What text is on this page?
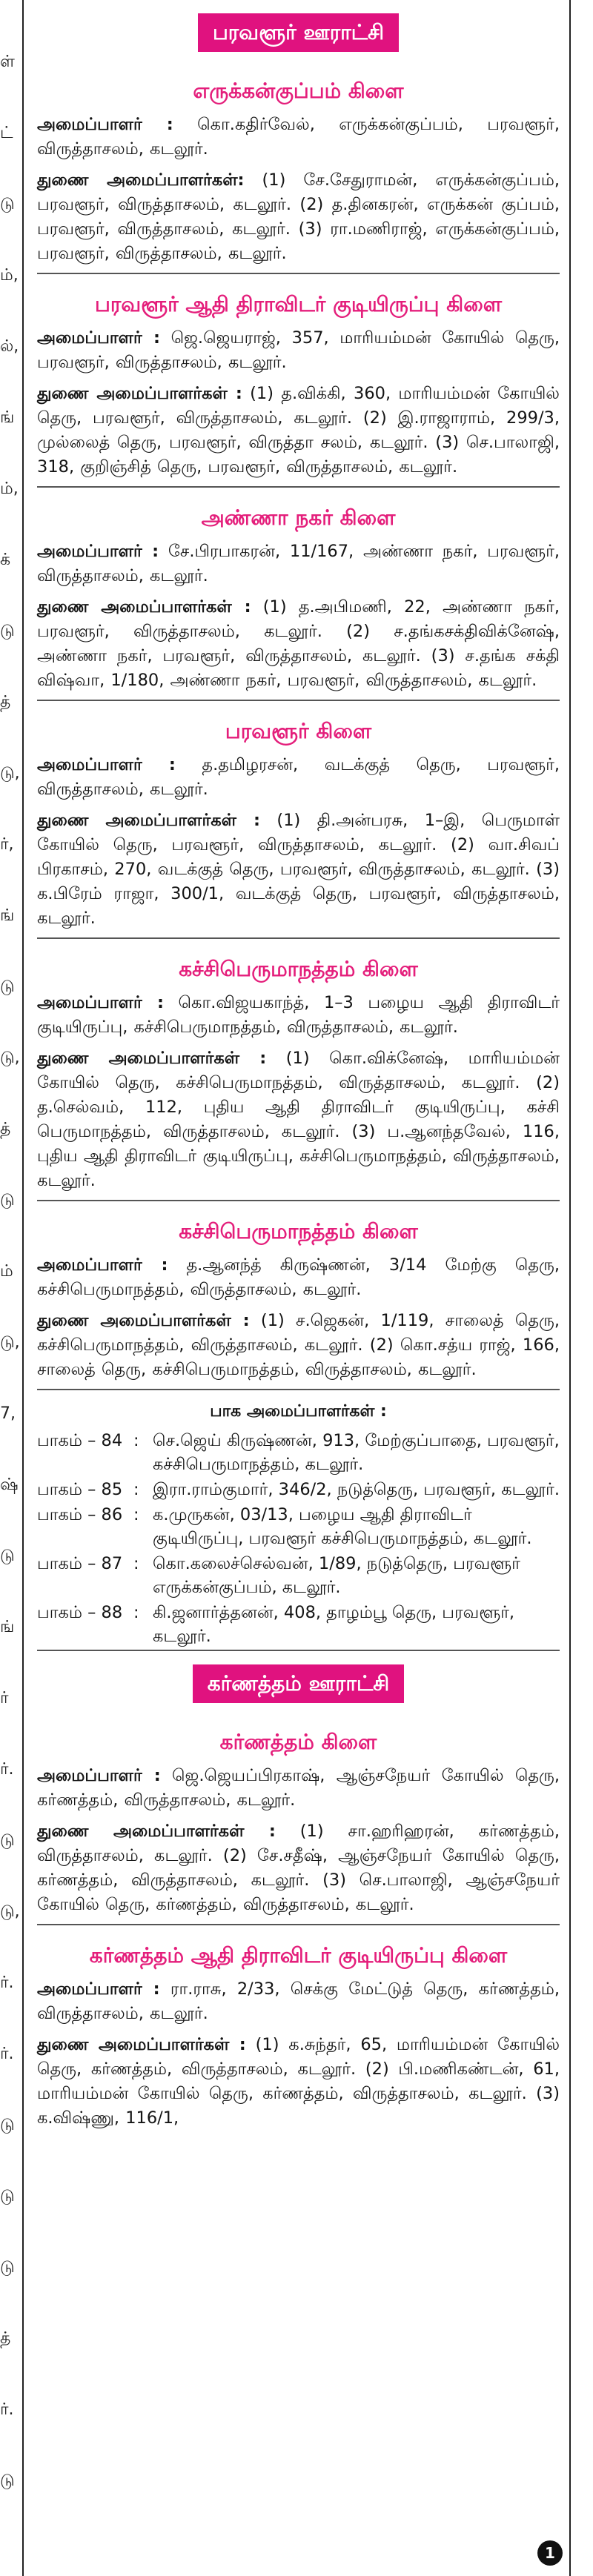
ள்
ட்
டு
ம்,
ல்,
ங்
ம்,
க்
டு
த்
டு,
ர்,
ங்
டு
டு,
த்
டு
ம்
டு,
7,
ஷ்
டு
ங்
ர்
ர்.
டு
டு,
ர்.
ர்.
டு
டு
டு
த்
ர்.
டு
பரவளூர் ஊராட்சி
எருக்கன்குப்பம் கிளை

அமைப்பாளர் : கொ.கதிர்வேல், எருக்கன்குப்பம், பரவளூர், விருத்தாசலம், கடலூர்.

துணை அமைப்பாளர்கள்: (1) சே.சேதுராமன், எருக்கன்குப்பம், பரவளூர், விருத்தாசலம், கடலூர். (2) த.தினகரன், எருக்கன் குப்பம், பரவளூர், விருத்தாசலம், கடலூர். (3) ரா.மணிராஜ், எருக்கன்குப்பம், பரவளூர், விருத்தாசலம், கடலூர்.

பரவளூர் ஆதி திராவிடர் குடியிருப்பு கிளை

அமைப்பாளர் : ஜெ.ஜெயராஜ், 357, மாரியம்மன் கோயில் தெரு, பரவளூர், விருத்தாசலம், கடலூர்.

துணை அமைப்பாளர்கள் : (1) த.விக்கி, 360, மாரியம்மன் கோயில் தெரு, பரவளூர், விருத்தாசலம், கடலூர். (2) இ.ராஜாராம், 299/3, முல்லைத் தெரு, பரவளூர், விருத்தா சலம், கடலூர். (3) செ.பாலாஜி, 318, குறிஞ்சித் தெரு, பரவளூர், விருத்தாசலம், கடலூர்.

அண்ணா நகர் கிளை

அமைப்பாளர் : சே.பிரபாகரன், 11/167, அண்ணா நகர், பரவளூர், விருத்தாசலம், கடலூர்.

துணை அமைப்பாளர்கள் : (1) த.அபிமணி, 22, அண்ணா நகர், பரவளூர், விருத்தாசலம், கடலூர். (2) ச.தங்கசக்திவிக்னேஷ், அண்ணா நகர், பரவளூர், விருத்தாசலம், கடலூர். (3) ச.தங்க சக்தி விஷ்வா, 1/180, அண்ணா நகர், பரவளூர், விருத்தாசலம், கடலூர்.

பரவளூர் கிளை

அமைப்பாளர் : த.தமிழரசன், வடக்குத் தெரு, பரவளூர், விருத்தாசலம், கடலூர்.

துணை அமைப்பாளர்கள் : (1) தி.அன்பரசு, 1–இ, பெருமாள் கோயில் தெரு, பரவளூர், விருத்தாசலம், கடலூர். (2) வா.சிவப் பிரகாசம், 270, வடக்குத் தெரு, பரவளூர், விருத்தாசலம், கடலூர். (3) க.பிரேம் ராஜா, 300/1, வடக்குத் தெரு, பரவளூர், விருத்தாசலம், கடலூர்.

கச்சிபெருமாநத்தம் கிளை

அமைப்பாளர் : கொ.விஜயகாந்த், 1–3 பழைய ஆதி திராவிடர் குடியிருப்பு, கச்சிபெருமாநத்தம், விருத்தாசலம், கடலூர்.

துணை அமைப்பாளர்கள் : (1) கொ.விக்னேஷ், மாரியம்மன் கோயில் தெரு, கச்சிபெருமாநத்தம், விருத்தாசலம், கடலூர். (2) த.செல்வம், 112, புதிய ஆதி திராவிடர் குடியிருப்பு, கச்சி பெருமாநத்தம், விருத்தாசலம், கடலூர். (3) ப.ஆனந்தவேல், 116, புதிய ஆதி திராவிடர் குடியிருப்பு, கச்சிபெருமாநத்தம், விருத்தாசலம், கடலூர்.

கச்சிபெருமாநத்தம் கிளை

அமைப்பாளர் : த.ஆனந்த் கிருஷ்ணன், 3/14 மேற்கு தெரு, கச்சிபெருமாநத்தம், விருத்தாசலம், கடலூர்.

துணை அமைப்பாளர்கள் : (1) ச.ஜெகன், 1/119, சாலைத் தெரு, கச்சிபெருமாநத்தம், விருத்தாசலம், கடலூர். (2) கொ.சத்ய ராஜ், 166, சாலைத் தெரு, கச்சிபெருமாநத்தம், விருத்தாசலம், கடலூர்.

பாக அமைப்பாளர்கள் :
பாகம் – 84 : செ.ஜெய் கிருஷ்ணன், 913, மேற்குப்பாதை, பரவளூர், கச்சிபெருமாநத்தம், கடலூர்.
பாகம் – 85 : இரா.ராம்குமார், 346/2, நடுத்தெரு, பரவளூர், கடலூர்.
பாகம் – 86 : க.முருகன், 03/13, பழைய ஆதி திராவிடர் குடியிருப்பு, பரவளூர் கச்சிபெருமாநத்தம், கடலூர்.
பாகம் – 87 : கொ.கலைச்செல்வன், 1/89, நடுத்தெரு, பரவளூர் எருக்கன்குப்பம், கடலூர்.
பாகம் – 88 : கி.ஜனார்த்தனன், 408, தாழம்பூ தெரு, பரவளூர், கடலூர்.
கர்ணத்தம் ஊராட்சி
கர்ணத்தம் கிளை

அமைப்பாளர் : ஜெ.ஜெயப்பிரகாஷ், ஆஞ்சநேயர் கோயில் தெரு, கர்ணத்தம், விருத்தாசலம், கடலூர்.

துணை அமைப்பாளர்கள் : (1) சா.ஹரிஹரன், கர்ணத்தம், விருத்தாசலம், கடலூர். (2) சே.சதீஷ், ஆஞ்சநேயர் கோயில் தெரு, கர்ணத்தம், விருத்தாசலம், கடலூர். (3) செ.பாலாஜி, ஆஞ்சநேயர் கோயில் தெரு, கர்ணத்தம், விருத்தாசலம், கடலூர்.

கர்ணத்தம் ஆதி திராவிடர் குடியிருப்பு கிளை

அமைப்பாளர் : ரா.ராசு, 2/33, செக்கு மேட்டுத் தெரு, கர்ணத்தம், விருத்தாசலம், கடலூர்.

துணை அமைப்பாளர்கள் : (1) க.சுந்தர், 65, மாரியம்மன் கோயில் தெரு, கர்ணத்தம், விருத்தாசலம், கடலூர். (2) பி.மணிகண்டன், 61, மாரியம்மன் கோயில் தெரு, கர்ணத்தம், விருத்தாசலம், கடலூர். (3) க.விஷ்ணு, 116/1,

1
